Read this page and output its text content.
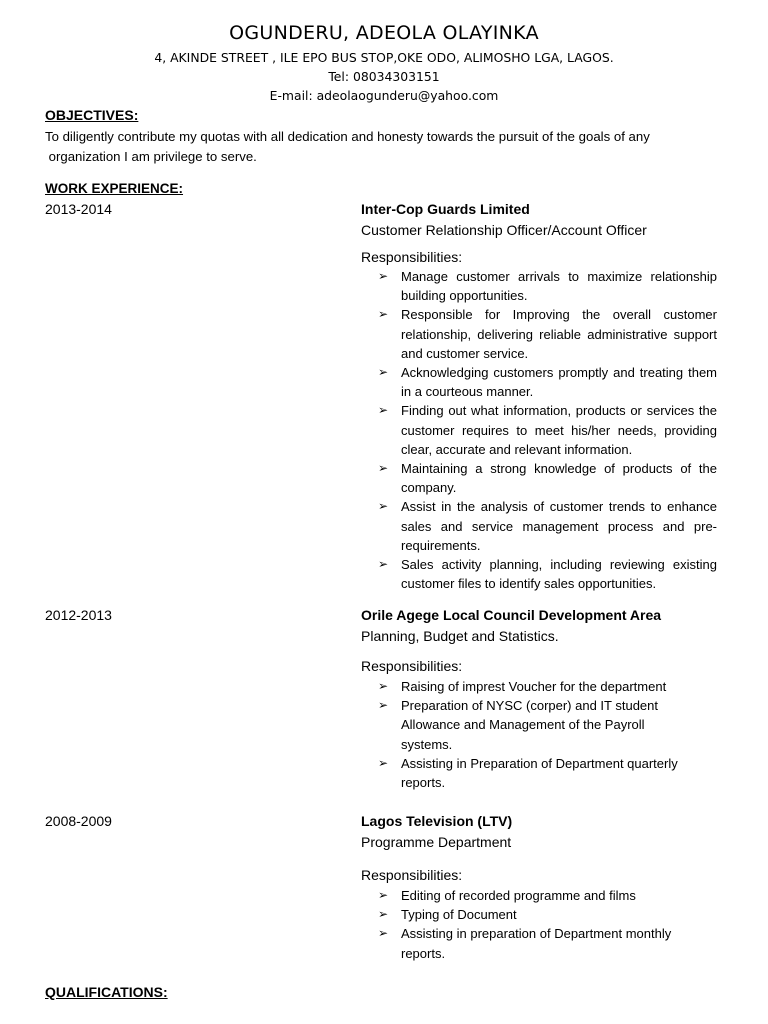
OGUNDERU, ADEOLA OLAYINKA
4, AKINDE STREET , ILE EPO BUS STOP,OKE ODO, ALIMOSHO LGA, LAGOS.
Tel: 08034303151
E-mail: adeolaogunderu@yahoo.com
OBJECTIVES:
To diligently contribute my quotas with all dedication and honesty towards the pursuit of the goals of any
organization I am privilege to serve.
WORK EXPERIENCE:
2013-2014	Inter-Cop Guards Limited
Customer Relationship Officer/Account Officer
Responsibilities:
➢ Manage customer arrivals to maximize relationship building opportunities.
➢ Responsible for Improving the overall customer relationship, delivering reliable administrative support and customer service.
➢ Acknowledging customers promptly and treating them in a courteous manner.
➢ Finding out what information, products or services the customer requires to meet his/her needs, providing clear, accurate and relevant information.
➢ Maintaining a strong knowledge of products of the company.
➢ Assist in the analysis of customer trends to enhance sales and service management process and pre-requirements.
➢ Sales activity planning, including reviewing existing customer files to identify sales opportunities.
2012-2013	Orile Agege Local Council Development Area
Planning, Budget and Statistics.
Responsibilities:
➢ Raising of imprest Voucher for the department
➢ Preparation of NYSC (corper) and IT student Allowance and Management of the Payroll systems.
➢ Assisting in Preparation of Department quarterly reports.
2008-2009	Lagos Television (LTV)
Programme Department
Responsibilities:
➢ Editing of recorded programme and films
➢ Typing of Document
➢ Assisting in preparation of Department monthly reports.
QUALIFICATIONS:
